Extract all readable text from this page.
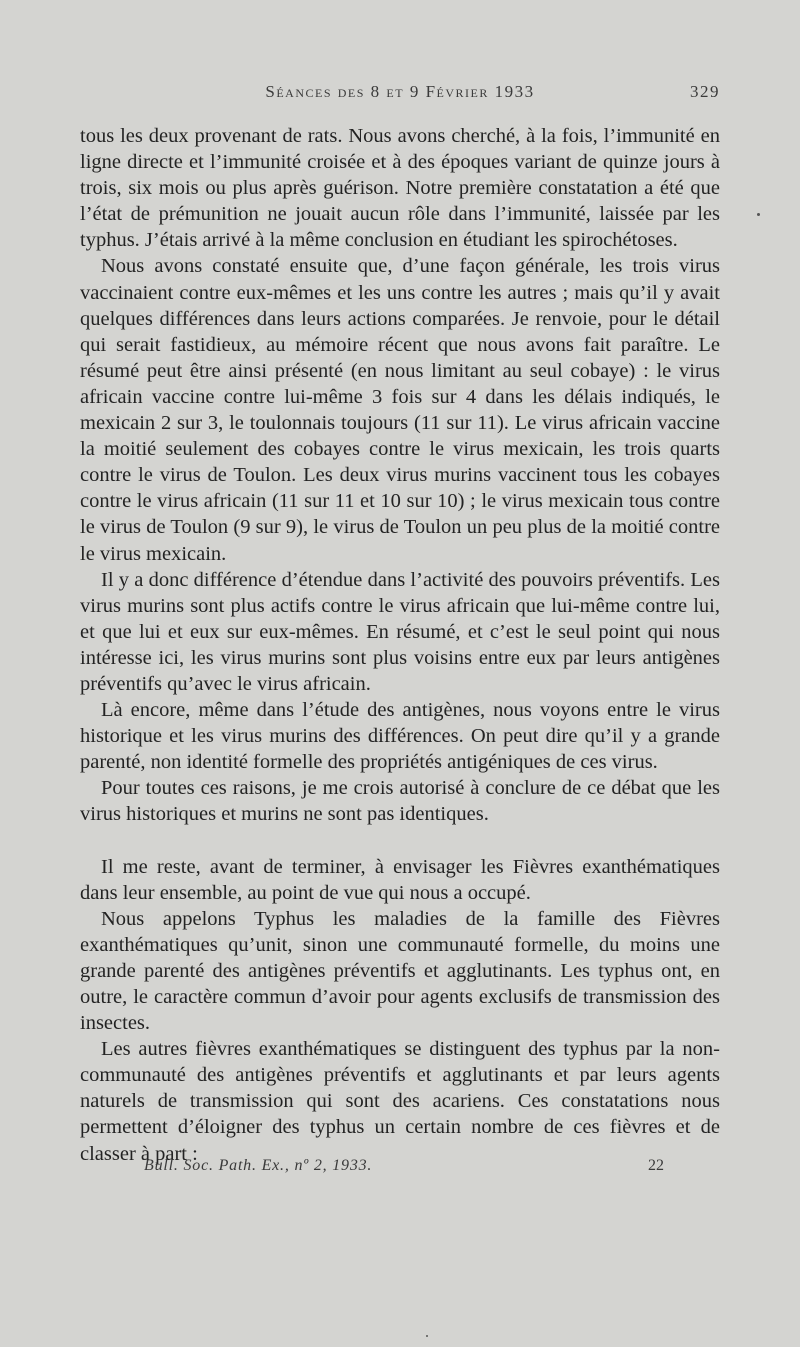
Séances des 8 et 9 Février 1933	329

tous les deux provenant de rats. Nous avons cherché, à la fois, l’immunité en ligne directe et l’immunité croisée et à des époques variant de quinze jours à trois, six mois ou plus après guérison. Notre première constatation a été que l’état de prémunition ne jouait aucun rôle dans l’immunité, laissée par les typhus. J’étais arrivé à la même conclusion en étudiant les spirochétoses.

Nous avons constaté ensuite que, d’une façon générale, les trois virus vaccinaient contre eux-mêmes et les uns contre les autres ; mais qu’il y avait quelques différences dans leurs actions comparées. Je renvoie, pour le détail qui serait fastidieux, au mémoire récent que nous avons fait paraître. Le résumé peut être ainsi présenté (en nous limitant au seul cobaye) : le virus africain vaccine contre lui-même 3 fois sur 4 dans les délais indiqués, le mexicain 2 sur 3, le toulonnais toujours (11 sur 11). Le virus africain vaccine la moitié seulement des cobayes contre le virus mexicain, les trois quarts contre le virus de Toulon. Les deux virus murins vaccinent tous les cobayes contre le virus africain (11 sur 11 et 10 sur 10) ; le virus mexicain tous contre le virus de Toulon (9 sur 9), le virus de Toulon un peu plus de la moitié contre le virus mexicain.

Il y a donc différence d’étendue dans l’activité des pouvoirs préventifs. Les virus murins sont plus actifs contre le virus africain que lui-même contre lui, et que lui et eux sur eux-mêmes. En résumé, et c’est le seul point qui nous intéresse ici, les virus murins sont plus voisins entre eux par leurs antigènes préventifs qu’avec le virus africain.

Là encore, même dans l’étude des antigènes, nous voyons entre le virus historique et les virus murins des différences. On peut dire qu’il y a grande parenté, non identité formelle des propriétés antigéniques de ces virus.

Pour toutes ces raisons, je me crois autorisé à conclure de ce débat que les virus historiques et murins ne sont pas identiques.

Il me reste, avant de terminer, à envisager les Fièvres exanthématiques dans leur ensemble, au point de vue qui nous a occupé.

Nous appelons Typhus les maladies de la famille des Fièvres exanthématiques qu’unit, sinon une communauté formelle, du moins une grande parenté des antigènes préventifs et agglutinants. Les typhus ont, en outre, le caractère commun d’avoir pour agents exclusifs de transmission des insectes.

Les autres fièvres exanthématiques se distinguent des typhus par la non-communauté des antigènes préventifs et agglutinants et par leurs agents naturels de transmission qui sont des acariens. Ces constatations nous permettent d’éloigner des typhus un certain nombre de ces fièvres et de classer à part :

Bull. Soc. Path. Ex., nº 2, 1933.	22
